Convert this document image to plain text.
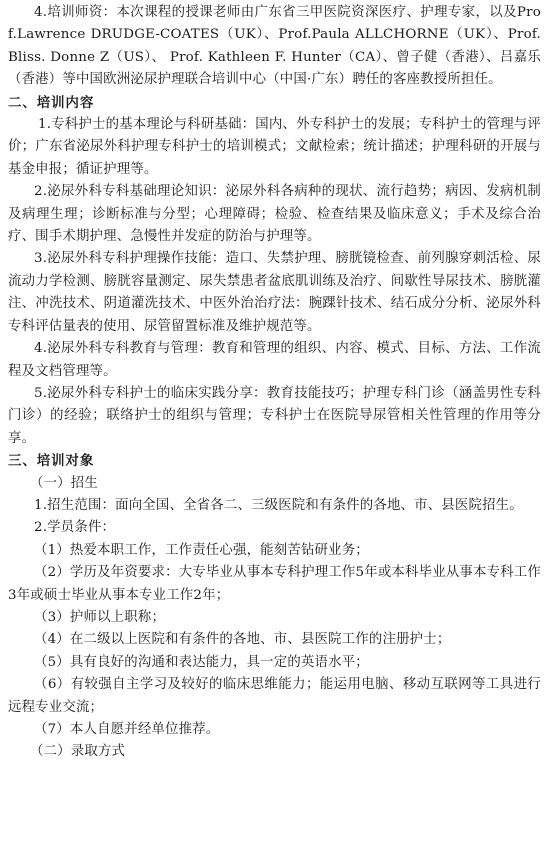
4.培训师资：本次课程的授课老师由广东省三甲医院资深医疗、护理专家，以及Prof.Lawrence DRUDGE-COATES（UK）、Prof.Paula ALLCHORNE（UK）、Prof. Bliss. Donne Z（US）、 Prof. Kathleen F. Hunter（CA）、曾子健（香港）、吕嘉乐（香港）等中国欧洲泌尿护理联合培训中心（中国·广东）聘任的客座教授所担任。

二、培训内容

1.专科护士的基本理论与科研基础：国内、外专科护士的发展；专科护士的管理与评价；广东省泌尿外科护理专科护士的培训模式；文献检索；统计描述；护理科研的开展与基金申报；循证护理等。

2.泌尿外科专科基础理论知识：泌尿外科各病种的现状、流行趋势；病因、发病机制及病理生理；诊断标准与分型；心理障碍；检验、检查结果及临床意义；手术及综合治疗、围手术期护理、急慢性并发症的防治与护理等。

3.泌尿外科专科护理操作技能：造口、失禁护理、膀胱镜检查、前列腺穿刺活检、尿流动力学检测、膀胱容量测定、尿失禁患者盆底肌训练及治疗、间歇性导尿技术、膀胱灌注、冲洗技术、阴道灌洗技术、中医外治治疗法：腕踝针技术、结石成分分析、泌尿外科专科评估量表的使用、尿管留置标准及维护规范等。

4.泌尿外科专科教育与管理：教育和管理的组织、内容、模式、目标、方法、工作流程及文档管理等。

5.泌尿外科专科护士的临床实践分享：教育技能技巧；护理专科门诊（涵盖男性专科门诊）的经验；联络护士的组织与管理；专科护士在医院导尿管相关性管理的作用等分享。

三、培训对象

（一）招生

1.招生范围：面向全国、全省各二、三级医院和有条件的各地、市、县医院招生。

2.学员条件：

（1）热爱本职工作，工作责任心强，能刻苦钻研业务；

（2）学历及年资要求：大专毕业从事本专科护理工作5年或本科毕业从事本专科工作3年或硕士毕业从事本专业工作2年；

（3）护师以上职称；

（4）在二级以上医院和有条件的各地、市、县医院工作的注册护士；

（5）具有良好的沟通和表达能力，具一定的英语水平；

（6）有较强自主学习及较好的临床思维能力；能运用电脑、移动互联网等工具进行远程专业交流；

（7）本人自愿并经单位推荐。

（二）录取方式
